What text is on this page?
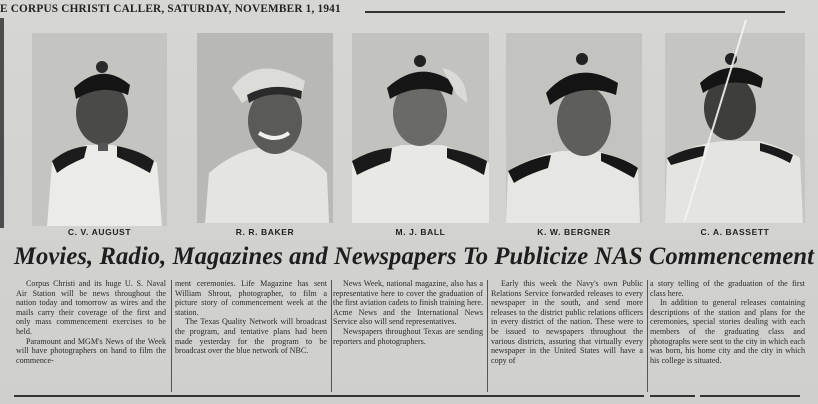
E CORPUS CHRISTI CALLER, SATURDAY, NOVEMBER 1, 1941
C. V. AUGUST	R. R. BAKER	M. J. BALL	K. W. BERGNER	C. A. BASSETT
Movies, Radio, Magazines and Newspapers To Publicize NAS Commencement

Corpus Christi and its huge U. S. Naval Air Station will be news throughout the nation today and tomorrow as wires and the mails carry their coverage of the first and only mass commencement exercises to be held.

Paramount and MGM's News of the Week will have photographers on hand to film the commence-

ment ceremonies. Life Magazine has sent William Shrout, photographer, to film a picture story of commencement week at the station.

The Texas Quality Network will broadcast the program, and tentative plans had been made yesterday for the program to be broadcast over the blue network of NBC.

News Week, national magazine, also has a representative here to cover the graduation of the first aviation cadets to finish training here. Acme News and the International News Service also will send representatives.

Newspapers throughout Texas are sending reporters and photographers.

Early this week the Navy's own Public Relations Service forwarded releases to every newspaper in the south, and send more releases to the district public relations officers in every district of the nation. These were to be issued to newspapers throughout the various districts, assuring that virtually every newspaper in the United States will have a copy of

a story telling of the graduation of the first class here.

In addition to general releases containing descriptions of the station and plans for the ceremonies, special stories dealing with each members of the graduating class and photographs were sent to the city in which each was born, his home city and the city in which his college is situated.
